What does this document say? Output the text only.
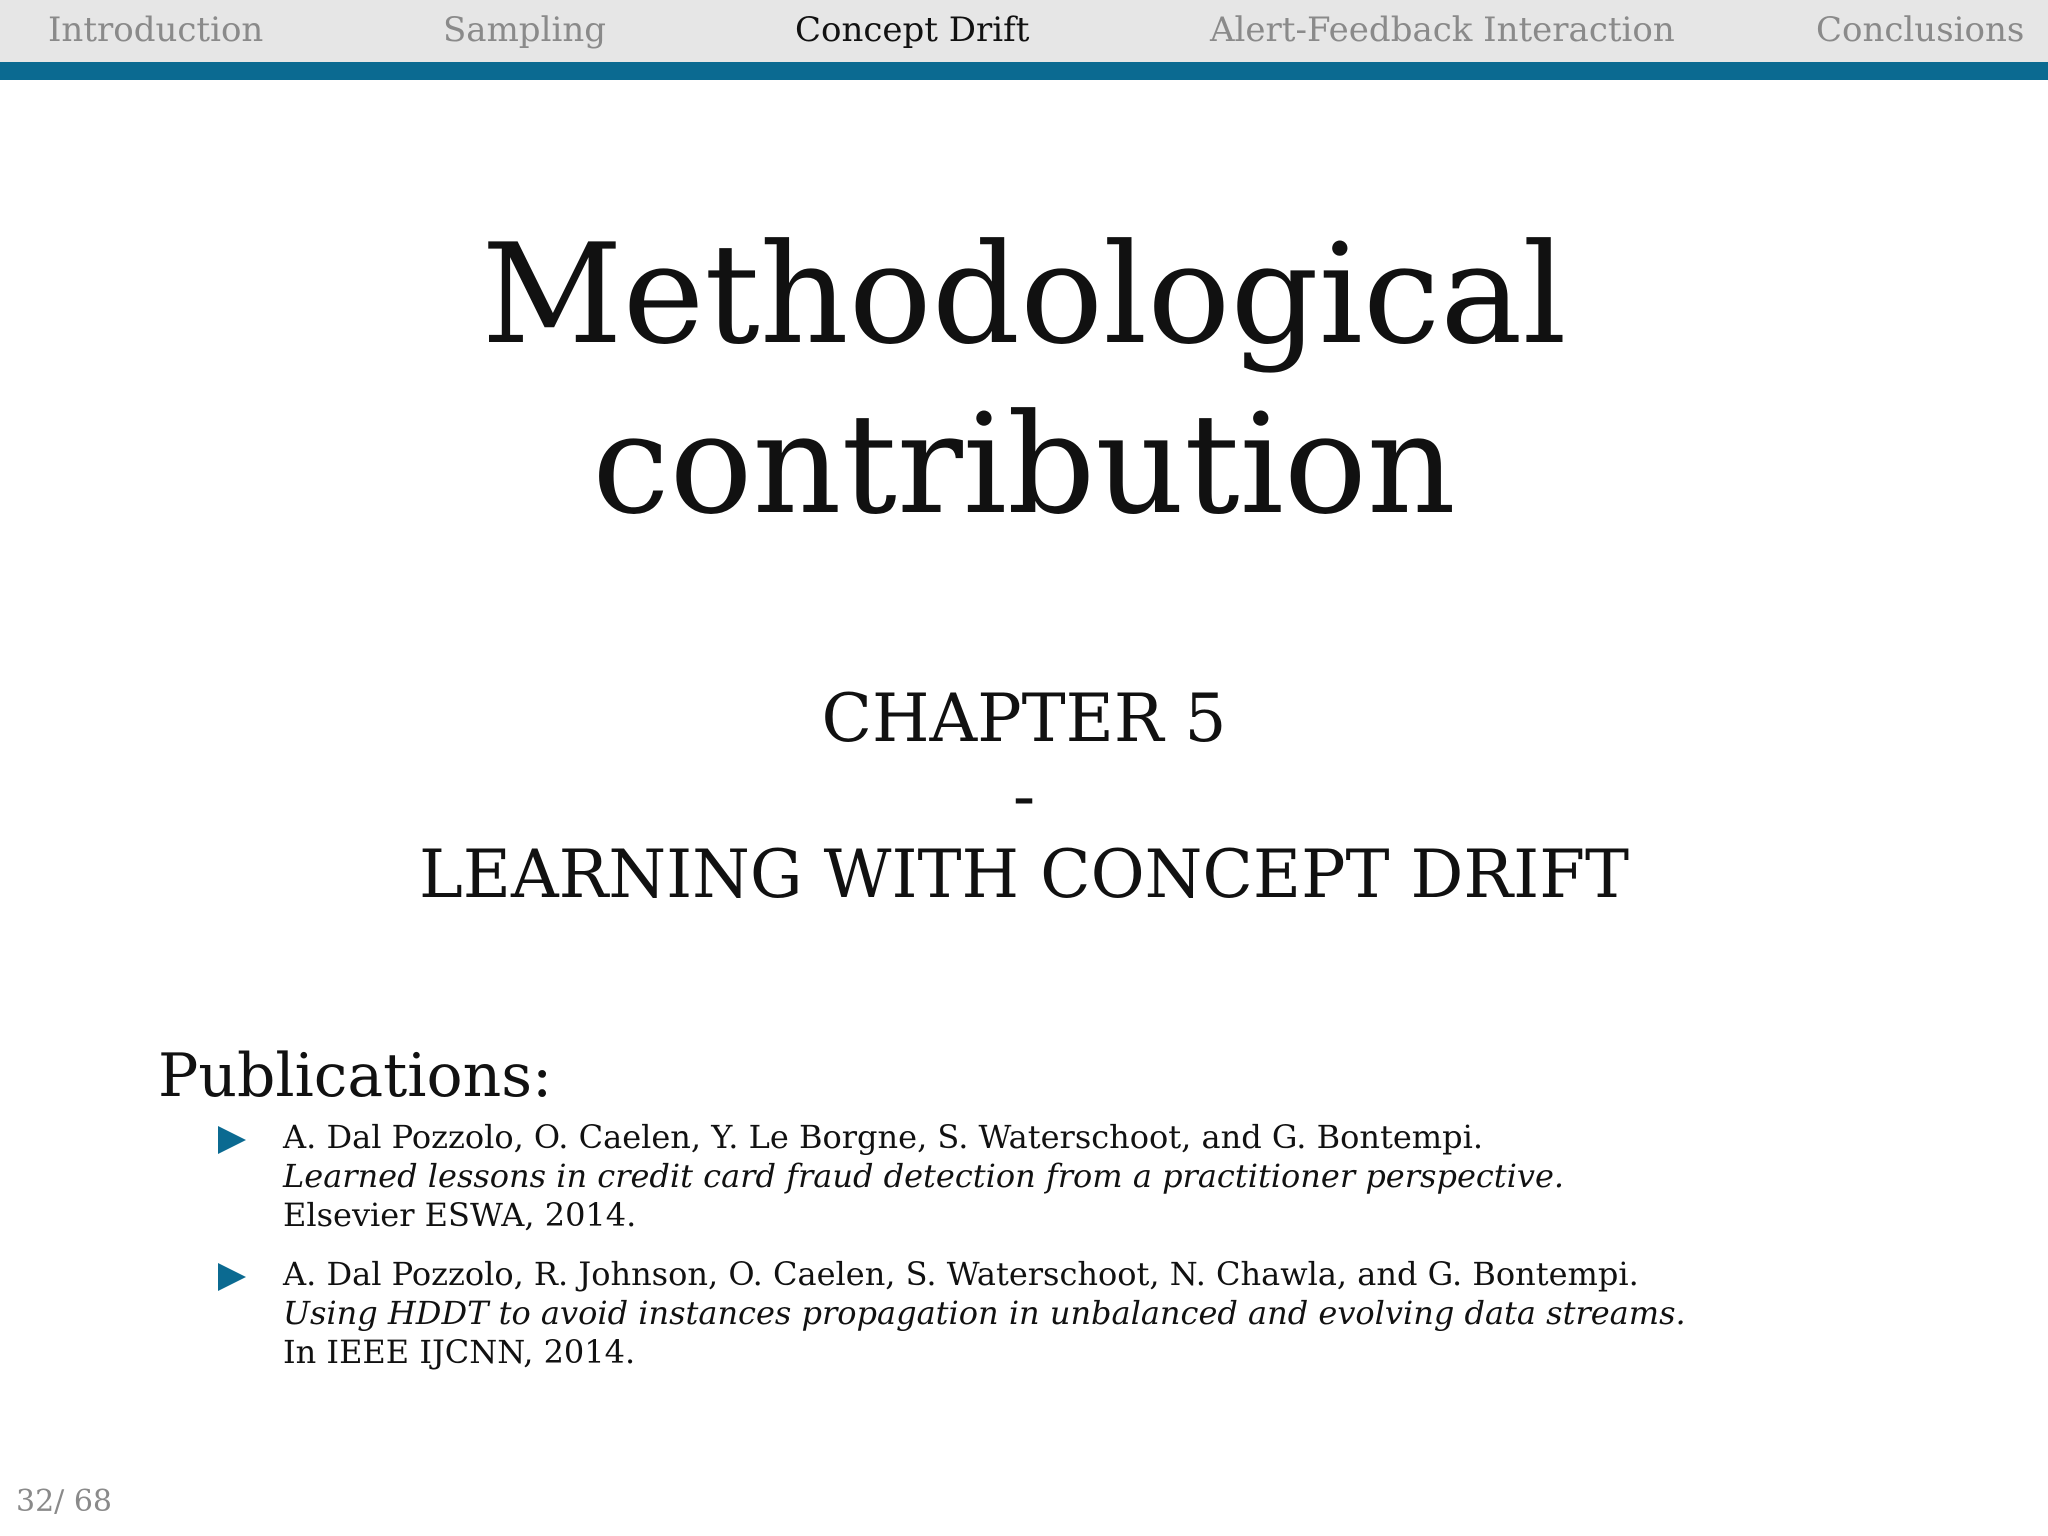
Introduction	Sampling	Concept Drift	Alert-Feedback Interaction	Conclusions
Methodological
contribution
CHAPTER 5
-
LEARNING WITH CONCEPT DRIFT
Publications:
A. Dal Pozzolo, O. Caelen, Y. Le Borgne, S. Waterschoot, and G. Bontempi.
Learned lessons in credit card fraud detection from a practitioner perspective.
Elsevier ESWA, 2014.
A. Dal Pozzolo, R. Johnson, O. Caelen, S. Waterschoot, N. Chawla, and G. Bontempi.
Using HDDT to avoid instances propagation in unbalanced and evolving data streams.
In IEEE IJCNN, 2014.
32/ 68
